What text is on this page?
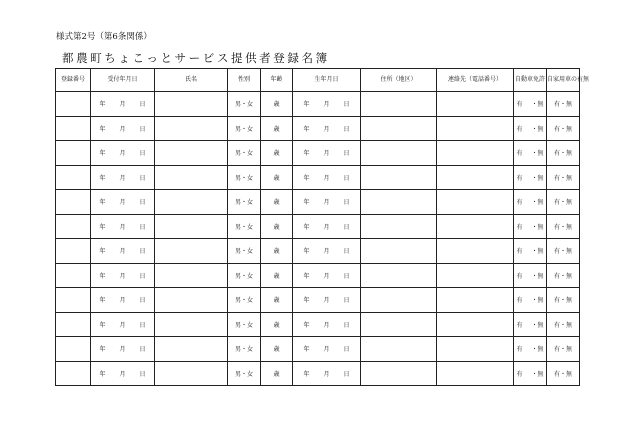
様式第2号（第6条関係）
都農町ちょこっとサービス提供者登録名簿
登録番号	受付年月日	氏名	性別	年齢	生年月日	住所（地区）	連絡先（電話番号）	自動車免許	自家用車の有無
	年 月 日		男・女	歳	年 月 日			有 ・無	有・無
	年 月 日		男・女	歳	年 月 日			有 ・無	有・無
	年 月 日		男・女	歳	年 月 日			有 ・無	有・無
	年 月 日		男・女	歳	年 月 日			有 ・無	有・無
	年 月 日		男・女	歳	年 月 日			有 ・無	有・無
	年 月 日		男・女	歳	年 月 日			有 ・無	有・無
	年 月 日		男・女	歳	年 月 日			有 ・無	有・無
	年 月 日		男・女	歳	年 月 日			有 ・無	有・無
	年 月 日		男・女	歳	年 月 日			有 ・無	有・無
	年 月 日		男・女	歳	年 月 日			有 ・無	有・無
	年 月 日		男・女	歳	年 月 日			有 ・無	有・無
	年 月 日		男・女	歳	年 月 日			有 ・無	有・無
